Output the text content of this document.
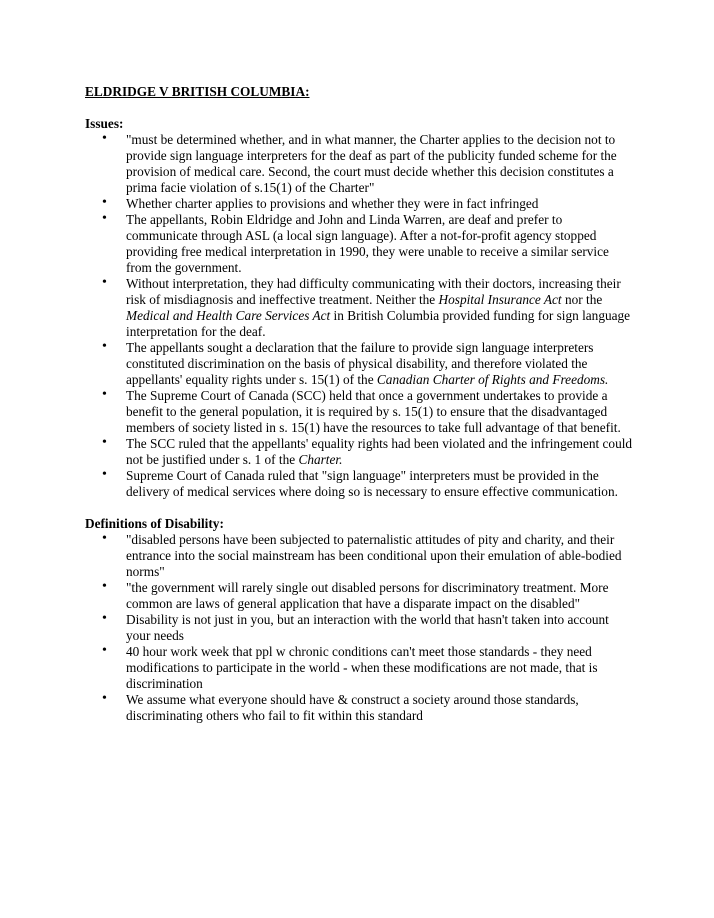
ELDRIDGE V BRITISH COLUMBIA:

Issues:

• "must be determined whether, and in what manner, the Charter applies to the decision not to provide sign language interpreters for the deaf as part of the publicity funded scheme for the provision of medical care. Second, the court must decide whether this decision constitutes a prima facie violation of s.15(1) of the Charter"
• Whether charter applies to provisions and whether they were in fact infringed
• The appellants, Robin Eldridge and John and Linda Warren, are deaf and prefer to communicate through ASL (a local sign language). After a not-for-profit agency stopped providing free medical interpretation in 1990, they were unable to receive a similar service from the government.
• Without interpretation, they had difficulty communicating with their doctors, increasing their risk of misdiagnosis and ineffective treatment. Neither the Hospital Insurance Act nor the Medical and Health Care Services Act in British Columbia provided funding for sign language interpretation for the deaf.
• The appellants sought a declaration that the failure to provide sign language interpreters constituted discrimination on the basis of physical disability, and therefore violated the appellants' equality rights under s. 15(1) of the Canadian Charter of Rights and Freedoms.
• The Supreme Court of Canada (SCC) held that once a government undertakes to provide a benefit to the general population, it is required by s. 15(1) to ensure that the disadvantaged members of society listed in s. 15(1) have the resources to take full advantage of that benefit.
• The SCC ruled that the appellants' equality rights had been violated and the infringement could not be justified under s. 1 of the Charter.
• Supreme Court of Canada ruled that "sign language" interpreters must be provided in the delivery of medical services where doing so is necessary to ensure effective communication.

Definitions of Disability:

• "disabled persons have been subjected to paternalistic attitudes of pity and charity, and their entrance into the social mainstream has been conditional upon their emulation of able-bodied norms"
• "the government will rarely single out disabled persons for discriminatory treatment. More common are laws of general application that have a disparate impact on the disabled"
• Disability is not just in you, but an interaction with the world that hasn't taken into account your needs
• 40 hour work week that ppl w chronic conditions can't meet those standards - they need modifications to participate in the world - when these modifications are not made, that is discrimination
• We assume what everyone should have & construct a society around those standards, discriminating others who fail to fit within this standard
